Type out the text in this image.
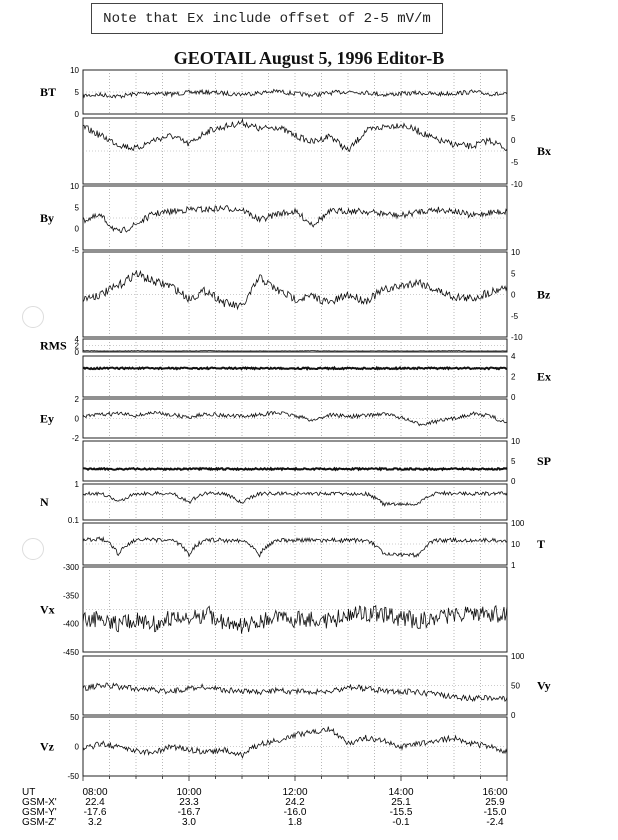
Note that Ex include offset of 2-5 mV/m
GEOTAIL August 5, 1996 Editor-B
10
5
0
BT
5
0
-5
-10
Bx
10
5
0
-5
By
10
5
0
-5
-10
Bz
4
2
0
RMS
4
2
0
Ex
2
0
-2
Ey
10
5
0
SP
1
0.1
N
100
10
1
T
-300
-350
-400
-450
Vx
100
50
0
Vy
50
0
-50
Vz
UT	08:00	10:00	12:00	14:00	16:00
GSM-X'	22.4	23.3	24.2	25.1	25.9
GSM-Y'	-17.6	-16.7	-16.0	-15.5	-15.0
GSM-Z'	3.2	3.0	1.8	-0.1	-2.4
